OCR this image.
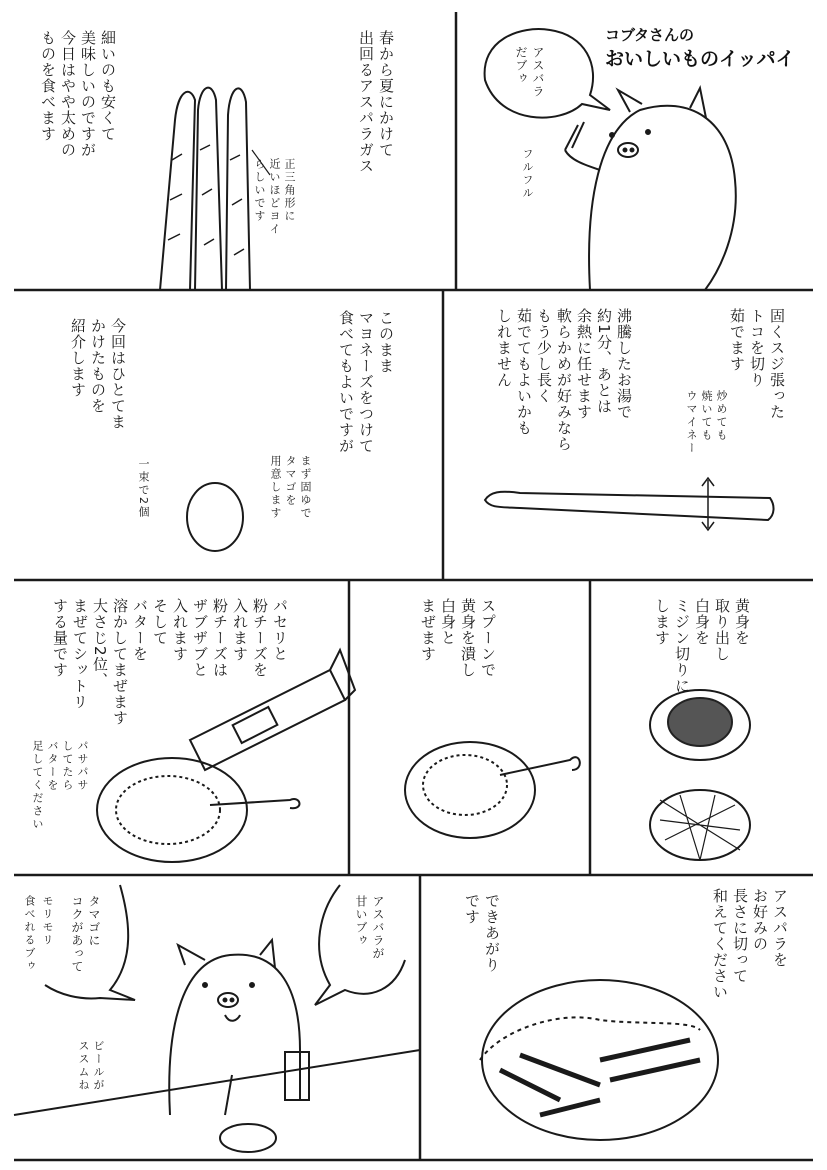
コブタさんの

おいしいものイッパイ

アスバラ
だブゥ

フルフル

春から夏にかけて
出回るアスパラガス

細いのも安くて
美味しいのですが
今日はやや太めの
ものを食べます

正三角形に
近いほどヨイ
らしいです

固くスジ張った
トコを切り
茹でます

沸騰したお湯で
約1分、あとは
余熱に任せます
軟らかめが好みなら
もう少し長く
茹でてもよいかも
しれません

炒めても
焼いても
ウマイネー

このまま
マヨネーズをつけて
食べてもよいですが

今回はひとてま
かけたものを
紹介します

まず固ゆで
タマゴを
用意します

一束で2個

黄身を
取り出し
白身を
ミジン切りに
します

スプーンで
黄身を潰し
白身と
まぜます

パセリと
粉チーズを
入れます
粉チーズは
ザブザブと
入れます
そして
バターを
溶かしてまぜます
大さじ2位、
まぜてシットリ
する量です

パサパサ
してたら
バターを
足してください

アスパラを
お好みの
長さに切って
和えてください

できあがり
です

タマゴに
コクがあって

モリモリ

食べれるブゥ	アスバラが
甘いブゥ

ビールが
ススムね
